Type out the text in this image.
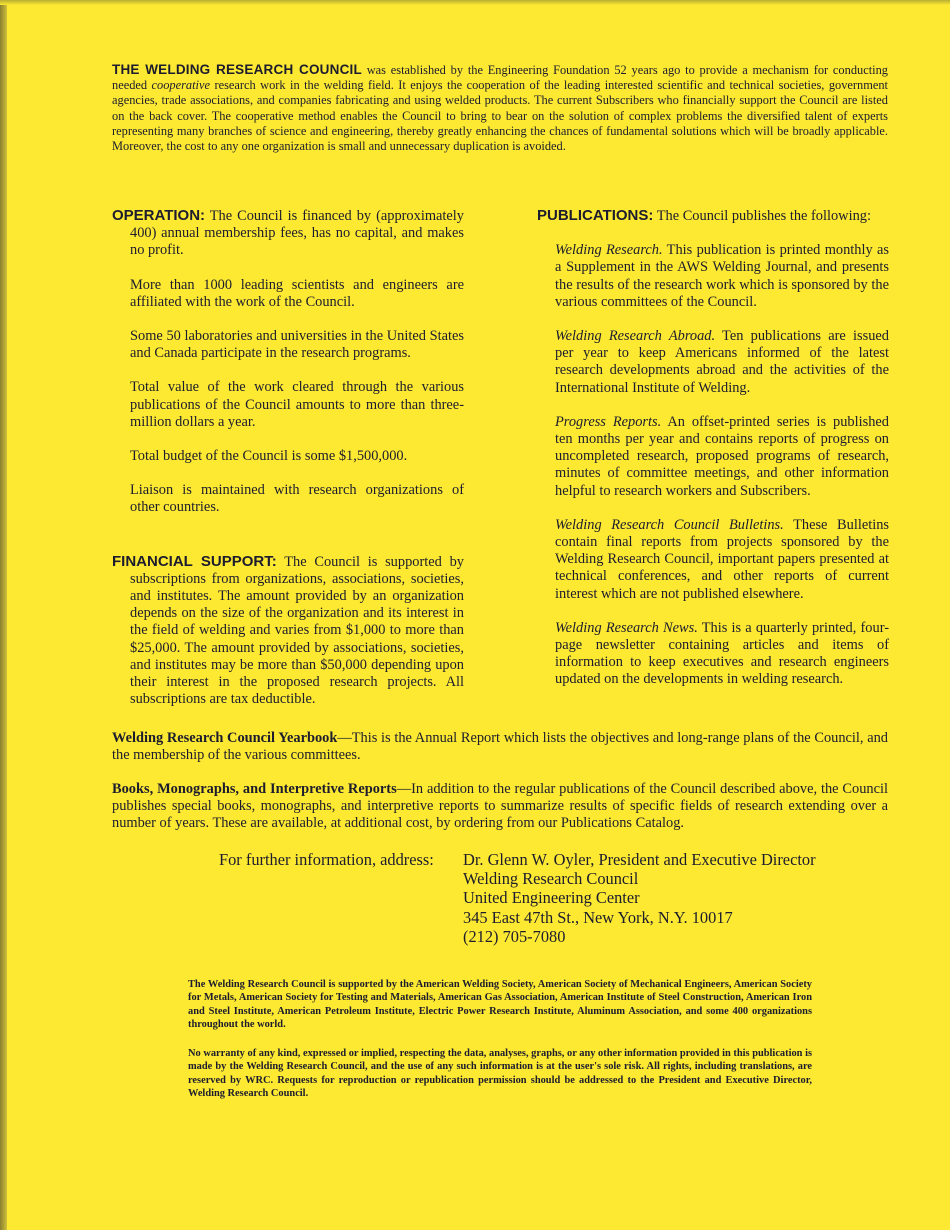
THE WELDING RESEARCH COUNCIL was established by the Engineering Foundation 52 years ago to provide a mechanism for conducting needed cooperative research work in the welding field. It enjoys the cooperation of the leading interested scientific and technical societies, government agencies, trade associations, and companies fabricating and using welded products. The current Subscribers who financially support the Council are listed on the back cover. The cooperative method enables the Council to bring to bear on the solution of complex problems the diversified talent of experts representing many branches of science and engineering, thereby greatly enhancing the chances of fundamental solutions which will be broadly applicable. Moreover, the cost to any one organization is small and unnecessary duplication is avoided.

OPERATION: The Council is financed by (approximately 400) annual membership fees, has no capital, and makes no profit.

More than 1000 leading scientists and engineers are affiliated with the work of the Council.

Some 50 laboratories and universities in the United States and Canada participate in the research programs.

Total value of the work cleared through the various publications of the Council amounts to more than three-million dollars a year.

Total budget of the Council is some $1,500,000.

Liaison is maintained with research organizations of other countries.

FINANCIAL SUPPORT: The Council is supported by subscriptions from organizations, associations, societies, and institutes. The amount provided by an organization depends on the size of the organization and its interest in the field of welding and varies from $1,000 to more than $25,000. The amount provided by associations, societies, and institutes may be more than $50,000 depending upon their interest in the proposed research projects. All subscriptions are tax deductible.

PUBLICATIONS: The Council publishes the following:

Welding Research. This publication is printed monthly as a Supplement in the AWS Welding Journal, and presents the results of the research work which is sponsored by the various committees of the Council.

Welding Research Abroad. Ten publications are issued per year to keep Americans informed of the latest research developments abroad and the activities of the International Institute of Welding.

Progress Reports. An offset-printed series is published ten months per year and contains reports of progress on uncompleted research, proposed programs of research, minutes of committee meetings, and other information helpful to research workers and Subscribers.

Welding Research Council Bulletins. These Bulletins contain final reports from projects sponsored by the Welding Research Council, important papers presented at technical conferences, and other reports of current interest which are not published elsewhere.

Welding Research News. This is a quarterly printed, four-page newsletter containing articles and items of information to keep executives and research engineers updated on the developments in welding research.

Welding Research Council Yearbook—This is the Annual Report which lists the objectives and long-range plans of the Council, and the membership of the various committees.
Books, Monographs, and Interpretive Reports—In addition to the regular publications of the Council described above, the Council publishes special books, monographs, and interpretive reports to summarize results of specific fields of research extending over a number of years. These are available, at additional cost, by ordering from our Publications Catalog.
For further information, address: Dr. Glenn W. Oyler, President and Executive Director
Welding Research Council
United Engineering Center
345 East 47th St., New York, N.Y. 10017
(212) 705-7080
The Welding Research Council is supported by the American Welding Society, American Society of Mechanical Engineers, American Society for Metals, American Society for Testing and Materials, American Gas Association, American Institute of Steel Construction, American Iron and Steel Institute, American Petroleum Institute, Electric Power Research Institute, Aluminum Association, and some 400 organizations throughout the world.
No warranty of any kind, expressed or implied, respecting the data, analyses, graphs, or any other information provided in this publication is made by the Welding Research Council, and the use of any such information is at the user's sole risk. All rights, including translations, are reserved by WRC. Requests for reproduction or republication permission should be addressed to the President and Executive Director, Welding Research Council.
